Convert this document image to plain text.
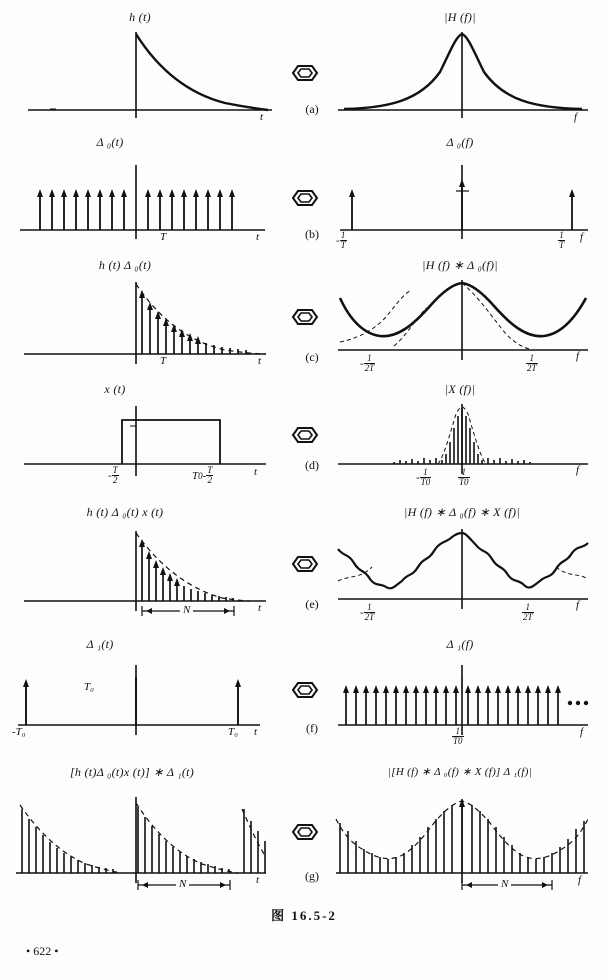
h (t)
t
(a)
|H (f)|
f
Δ ₀(t)
T	t	(b)
Δ ₀(f)
- $\frac{1}{T}$	$\frac{1}{T}$ f
h (t) Δ ₀(t)
T	t	(c)
|H (f) ∗ Δ ₀(f)|
- $\frac{1}{2T}$	$\frac{1}{2T}$	f
x (t)
- $\frac{T}{2}$	$T0- \frac{T}{2}$	t	(d)
|X (f)|
- $\frac{1}{T0}$	$\frac{1}{T0}$	f
h (t) Δ ₀(t) x (t)
N	t	(e)
|H (f) ∗ Δ ₀(f) ∗ X (f)|
- $\frac{1}{2T}$	$\frac{1}{2T}$	f
Δ ₁(t)
T₀
-T₀	T₀ t	(f)
Δ ₁(f)
$\frac{1}{T0}$	f
[h (t)Δ ₀(t)x (t)] ∗ Δ ₁(t)
N	t	(g)
|[H (f) ∗ Δ ₀(f) ∗ X (f)] Δ ₁(f)|
N	f
图 16.5-2
• 622 •
